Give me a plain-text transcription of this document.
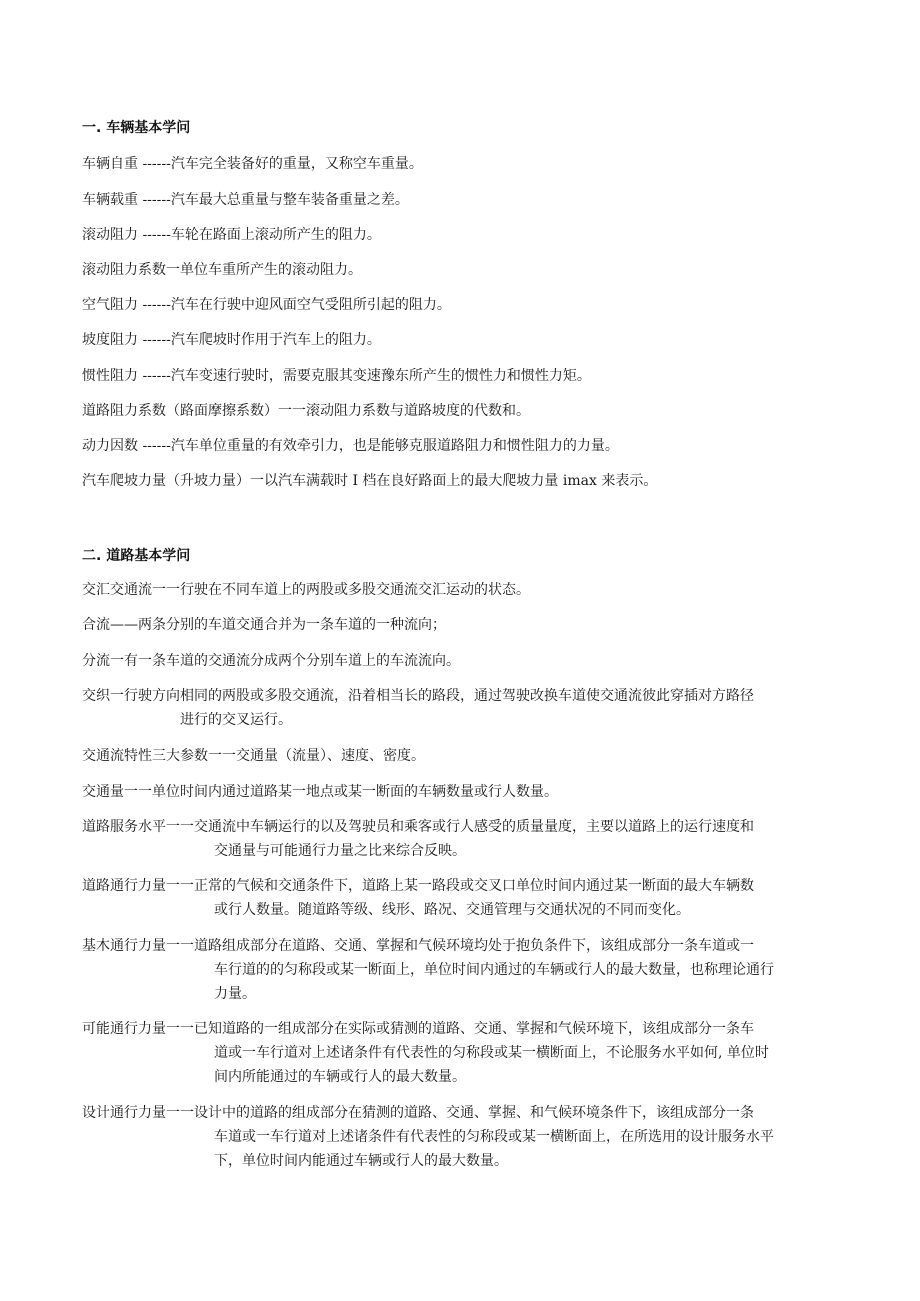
一. 车辆基本学问

车辆自重 ------汽车完全装备好的重量，又称空车重量。

车辆载重 ------汽车最大总重量与整车装备重量之差。

滚动阻力 ------车轮在路面上滚动所产生的阻力。

滚动阻力系数一单位车重所产生的滚动阻力。

空气阻力 ------汽车在行驶中迎风面空气受阻所引起的阻力。

坡度阻力 ------汽车爬坡时作用于汽车上的阻力。

惯性阻力 ------汽车变速行驶时，需要克服其变速豫东所产生的惯性力和惯性力矩。

道路阻力系数（路面摩擦系数）一一滚动阻力系数与道路坡度的代数和。

动力因数 ------汽车单位重量的有效牵引力，也是能够克服道路阻力和惯性阻力的力量。

汽车爬坡力量（升坡力量）一以汽车满载时 I 档在良好路面上的最大爬坡力量 imax 来表示。

二. 道路基本学问

交汇交通流一一行驶在不同车道上的两股或多股交通流交汇运动的状态。

合流——两条分别的车道交通合并为一条车道的一种流向；

分流一有一条车道的交通流分成两个分别车道上的车流流向。

交织一行驶方向相同的两股或多股交通流，沿着相当长的路段，通过驾驶改换车道使交通流彼此穿插对方路径
进行的交叉运行。

交通流特性三大参数一一交通量（流量）、速度、密度。

交通量一一单位时间内通过道路某一地点或某一断面的车辆数量或行人数量。

道路服务水平一一交通流中车辆运行的以及驾驶员和乘客或行人感受的质量量度，主要以道路上的运行速度和
交通量与可能通行力量之比来综合反映。
道路通行力量一一正常的气候和交通条件下，道路上某一路段或交叉口单位时间内通过某一断面的最大车辆数
或行人数量。随道路等级、线形、路况、交通管理与交通状况的不同而变化。
基木通行力量一一道路组成部分在道路、交通、掌握和气候环境均处于抱负条件下，该组成部分一条车道或一
车行道的的匀称段或某一断面上，单位时间内通过的车辆或行人的最大数量，也称理论通行
力量。
可能通行力量一一已知道路的一组成部分在实际或猜测的道路、交通、掌握和气候环境下，该组成部分一条车
道或一车行道对上述诸条件有代表性的匀称段或某一横断面上，不论服务水平如何, 单位时
间内所能通过的车辆或行人的最大数量。
设计通行力量一一设计中的道路的组成部分在猜测的道路、交通、掌握、和气候环境条件下，该组成部分一条
车道或一车行道对上述诸条件有代表性的匀称段或某一横断面上，在所选用的设计服务水平
下，单位时间内能通过车辆或行人的最大数量。
